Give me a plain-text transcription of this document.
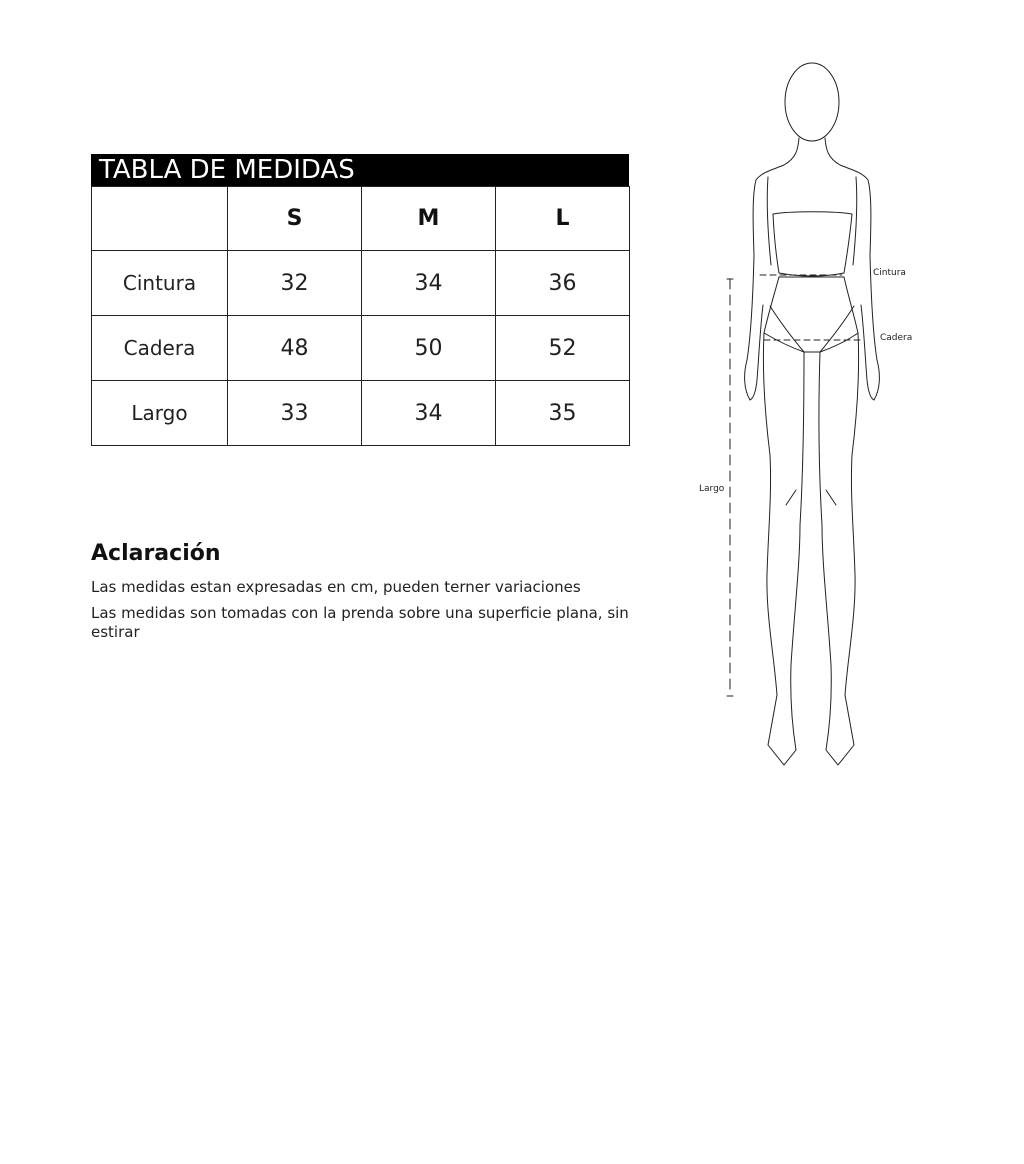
TABLA DE MEDIDAS
	S	M	L
Cintura	32	34	36
Cadera	48	50	52
Largo	33	34	35
Aclaración

Las medidas estan expresadas en cm, pueden terner variaciones

Las medidas son tomadas con la prenda sobre una superficie plana, sin estirar

Cintura
Cadera
Largo
